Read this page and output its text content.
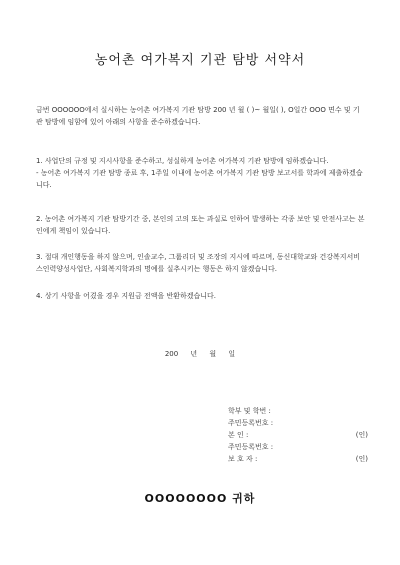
농어촌 여가복지 기관 탐방 서약서
금번 OOOOOO에서 실시하는 농어촌 여가복지 기관 탐방 200 년 월 ( )~ 월일( ), O일간 OOO 면수 및 기관 탐방에 임함에 있어 아래의 사항을 준수하겠습니다.
1. 사업단의 규정 및 지시사항을 준수하고, 성실하게 농어촌 여가복지 기관 탐방에 임하겠습니다.
- 농어촌 여가복지 기관 탐방 종료 후, 1주일 이내에 농어촌 여가복지 기관 탐방 보고서를 학과에 제출하겠습니다.
2. 농어촌 여가복지 기관 탐방기간 중, 본인의 고의 또는 과실로 인하여 발생하는 각종 보안 및 안전사고는 본인에게 책임이 있습니다.
3. 절대 개인행동을 하지 않으며, 인솔교수, 그룹리더 및 조장의 지시에 따르며, 동신대학교와 건강복지서비스인력양성사업단, 사회복지학과의 명예를 실추시키는 행동은 하지 않겠습니다.
4. 상기 사항을 어겼을 경우 지원금 전액을 반환하겠습니다.
200 년 월 일
학부 및 학번 :
주민등록번호 :
본 인 :	(인)
주민등록번호 :
보 호 자 :	(인)
OOOOOOOO 귀하
